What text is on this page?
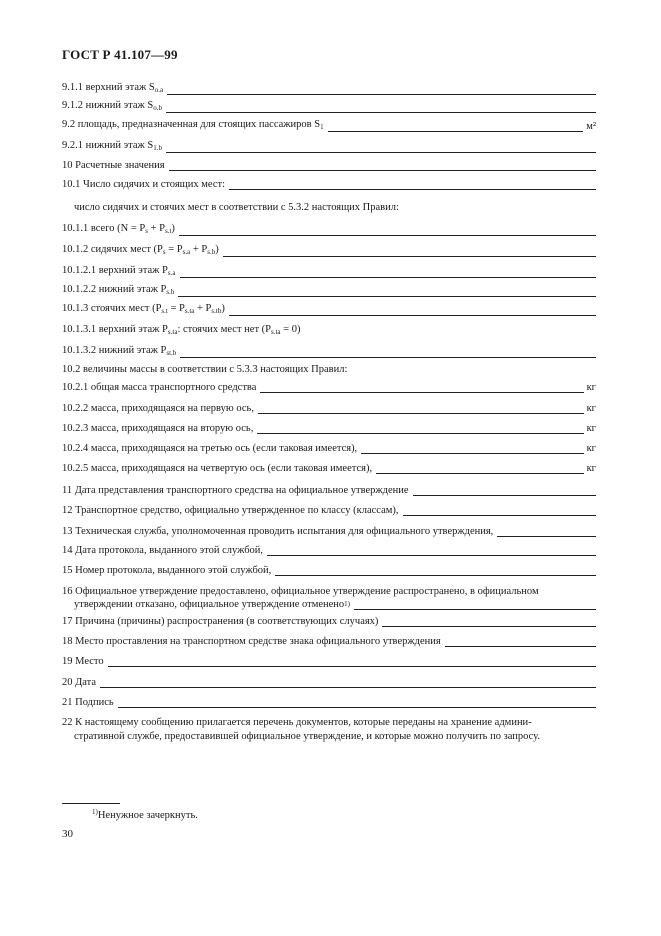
ГОСТ Р 41.107—99
9.1.1 верхний этаж $S_{o.a}$
9.1.2 нижний этаж $S_{o.b}$
9.2 площадь, предназначенная для стоящих пассажиров $S_1$	м²
9.2.1 нижний этаж $S_{1.b}$
10 Расчетные значения
10.1 Число сидячих и стоящих мест:
число сидячих и стоячих мест в соответствии с 5.3.2 настоящих Правил:
10.1.1 всего $(N = P_s + P_{s.t})$
10.1.2 сидячих мест $(P_s = P_{s.a} + P_{s.b})$
10.1.2.1 верхний этаж $P_{s.a}$
10.1.2.2 нижний этаж $P_{s.b}$
10.1.3 стоячих мест $(P_{s.t} = P_{s.ta} + P_{s.tb})$
10.1.3.1 верхний этаж $P_{s.ta}$: стоячих мест нет $(P_{s.ta} = 0)$
10.1.3.2 нижний этаж $P_{st.b}$
10.2 величины массы в соответствии с 5.3.3 настоящих Правил:
10.2.1 общая масса транспортного средства	кг
10.2.2 масса, приходящаяся на первую ось,	кг
10.2.3 масса, приходящаяся на вторую ось,	кг
10.2.4 масса, приходящаяся на третью ось (если таковая имеется),	кг
10.2.5 масса, приходящаяся на четвертую ось (если таковая имеется),	кг
11 Дата представления транспортного средства на официальное утверждение
12 Транспортное средство, официально утвержденное по классу (классам),
13 Техническая служба, уполномоченная проводить испытания для официального утверждения,
14 Дата протокола, выданного этой службой,
15 Номер протокола, выданного этой службой,
16 Официальное утверждение предоставлено, официальное утверждение распространено, в официальном
утверждении отказано, официальное утверждение отменено 1)
17 Причина (причины) распространения (в соответствующих случаях)
18 Место проставления на транспортном средстве знака официального утверждения
19 Место
20 Дата
21 Подпись
22 К настоящему сообщению прилагается перечень документов, которые переданы на хранение админи-
стративной службе, предоставившей официальное утверждение, и которые можно получить по запросу.
$^{1)}$Ненужное зачеркнуть.
30
